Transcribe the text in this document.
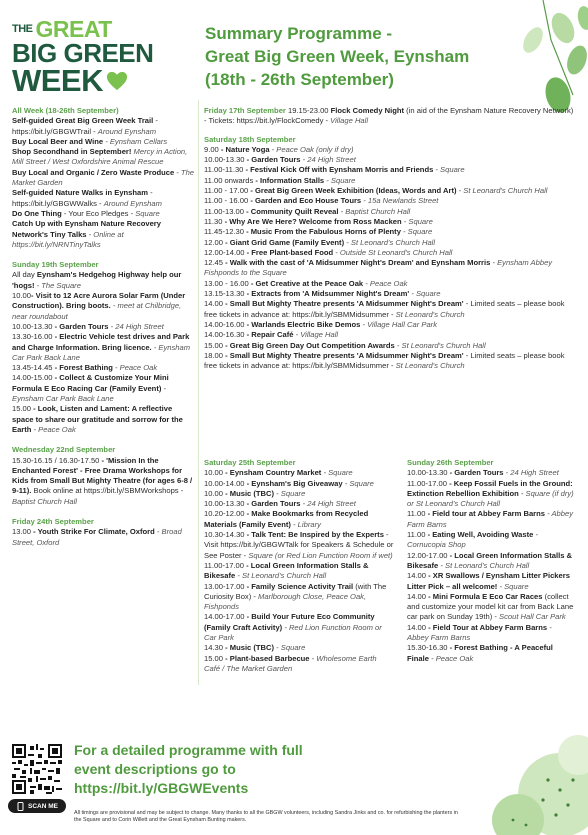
$^{THE}$ GREAT
BIG GREEN
WEEK
Summary Programme -
Great Big Green Week, Eynsham
(18th - 26th September)

All Week (18-26th September)

Self-guided Great Big Green Week Trail - https://bit.ly/GBGWTrail - Around Eynsham

Buy Local Beer and Wine - Eynsham Cellars

Shop Secondhand in September! Mercy in Action, Mill Street / West Oxfordshire Animal Rescue

Buy Local and Organic / Zero Waste Produce - The Market Garden

Self-guided Nature Walks in Eynsham - https://bit.ly/GBGWWalks - Around Eynsham

Do One Thing - Your Eco Pledges - Square

Catch Up with Eynsham Nature Recovery Network's Tiny Talks - Online at https://bit.ly/NRNTinyTalks

Sunday 19th September

All day Eynsham's Hedgehog Highway help our 'hogs! - The Square

10.00- Visit to 12 Acre Aurora Solar Farm (Under Construction). Bring boots. - meet at Chilbridge, near roundabout

10.00-13.30 - Garden Tours - 24 High Street

13.30-16.00 - Electric Vehicle test drives and Park and Charge Information. Bring licence. - Eynsham Car Park Back Lane

13.45-14.45 - Forest Bathing - Peace Oak

14.00-15.00 - Collect & Customize Your Mini Formula E Eco Racing Car (Family Event) - Eynsham Car Park Back Lane

15.00 - Look, Listen and Lament: A reflective space to share our gratitude and sorrow for the Earth - Peace Oak

Wednesday 22nd September

15.30-16.15 / 16.30-17.50 - 'Mission In the Enchanted Forest' - Free Drama Workshops for Kids from Small But Mighty Theatre (for ages 6-8 / 9-11). Book online at https://bit.ly/SBMWorkshops - Baptist Church Hall

Friday 24th September

13.00 - Youth Strike For Climate, Oxford - Broad Street, Oxford

Friday 17th September 19.15-23.00 Flock Comedy Night (in aid of the Eynsham Nature Recovery Network) - Tickets: https://bit.ly/FlockComedy - Village Hall

Saturday 18th September

9.00 - Nature Yoga - Peace Oak (only if dry)

10.00-13.30 - Garden Tours - 24 High Street

11.00-11.30 - Festival Kick Off with Eynsham Morris and Friends - Square

11.00 onwards - Information Stalls - Square

11.00 - 17.00 - Great Big Green Week Exhibition (Ideas, Words and Art) - St Leonard's Church Hall

11.00 - 16.00 - Garden and Eco House Tours - 15a Newlands Street

11.00-13.00 - Community Quilt Reveal - Baptist Church Hall

11.30 - Why Are We Here? Welcome from Ross Macken - Square

11.45-12.30 - Music From the Fabulous Horns of Plenty - Square

12.00 - Giant Grid Game (Family Event) - St Leonard's Church Hall

12.00-14.00 - Free Plant-based Food - Outside St Leonard's Church Hall

12.45 - Walk with the cast of 'A Midsummer Night's Dream' and Eynsham Morris - Eynsham Abbey Fishponds to the Square

13.00 - 16.00 - Get Creative at the Peace Oak - Peace Oak

13.15-13.30 - Extracts from 'A Midsummer Night's Dream' - Square

14.00 - Small But Mighty Theatre presents 'A Midsummer Night's Dream' - Limited seats – please book free tickets in advance at: https://bit.ly/SBMMidsummer - St Leonard's Church

14.00-16.00 - Warlands Electric Bike Demos - Village Hall Car Park

14.00-16.30 - Repair Café - Village Hall

15.00 - Great Big Green Day Out Competition Awards - St Leonard's Church Hall

18.00 - Small But Mighty Theatre presents 'A Midsummer Night's Dream' - Limited seats – please book free tickets in advance at: https://bit.ly/SBMMidsummer - St Leonard's Church

Saturday 25th September

10.00 - Eynsham Country Market - Square

10.00-14.00 - Eynsham's Big Giveaway - Square

10.00 - Music (TBC) - Square

10.00-13.30 - Garden Tours - 24 High Street

10.20-12.00 - Make Bookmarks from Recycled Materials (Family Event) - Library

10.30-14.30 - Talk Tent: Be Inspired by the Experts - Visit https://bit.ly/GBGWTalk for Speakers & Schedule or See Poster - Square (or Red Lion Function Room if wet)

11.00-17.00 - Local Green Information Stalls & Bikesafe - St Leonard's Church Hall

13.00-17.00 - Family Science Activity Trail (with The Curiosity Box) - Marlborough Close, Peace Oak, Fishponds

14.00-17.00 - Build Your Future Eco Community (Family Craft Activity) - Red Lion Function Room or Car Park

14.30 - Music (TBC) - Square

15.00 - Plant-based Barbecue - Wholesome Earth Café / The Market Garden

Sunday 26th September

10.00-13.30 - Garden Tours - 24 High Street

11.00-17.00 - Keep Fossil Fuels in the Ground: Extinction Rebellion Exhibition - Square (if dry) or St Leonard's Church Hall

11.00 - Field tour at Abbey Farm Barns - Abbey Farm Barns

11.00 - Eating Well, Avoiding Waste - Cornucopia Shop

12.00-17.00 - Local Green Information Stalls & Bikesafe - St Leonard's Church Hall

14.00 - XR Swallows / Eynsham Litter Pickers Litter Pick – all welcome! - Square

14.00 - Mini Formula E Eco Car Races (collect and customize your model kit car from Back Lane car park on Sunday 19th) - Scout Hall Car Park

14.00 - Field Tour at Abbey Farm Barns - Abbey Farm Barns

15.30-16.30 - Forest Bathing - A Peaceful Finale - Peace Oak

SCAN ME
For a detailed programme with full
event descriptions go to
https://bit.ly/GBGWEvents
All timings are provisional and may be subject to change. Many thanks to all the GBGW volunteers, including Sandra Jinks and co. for refurbishing the planters in the Square and to Corin Willett and the Great Eynsham Bunting makers.
